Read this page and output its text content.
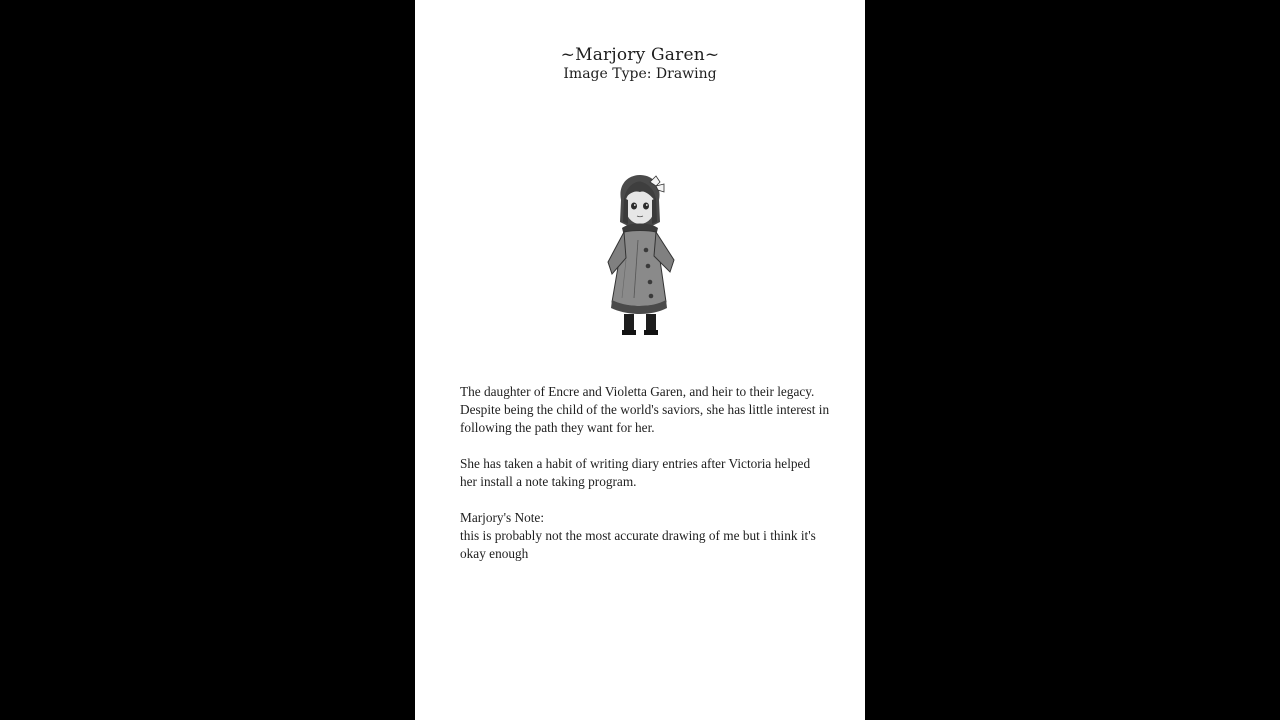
~Marjory Garen~
Image Type: Drawing

The daughter of Encre and Violetta Garen, and heir to their legacy. Despite being the child of the world's saviors, she has little interest in following the path they want for her.

She has taken a habit of writing diary entries after Victoria helped her install a note taking program.

Marjory's Note:
this is probably not the most accurate drawing of me but i think it's okay enough
